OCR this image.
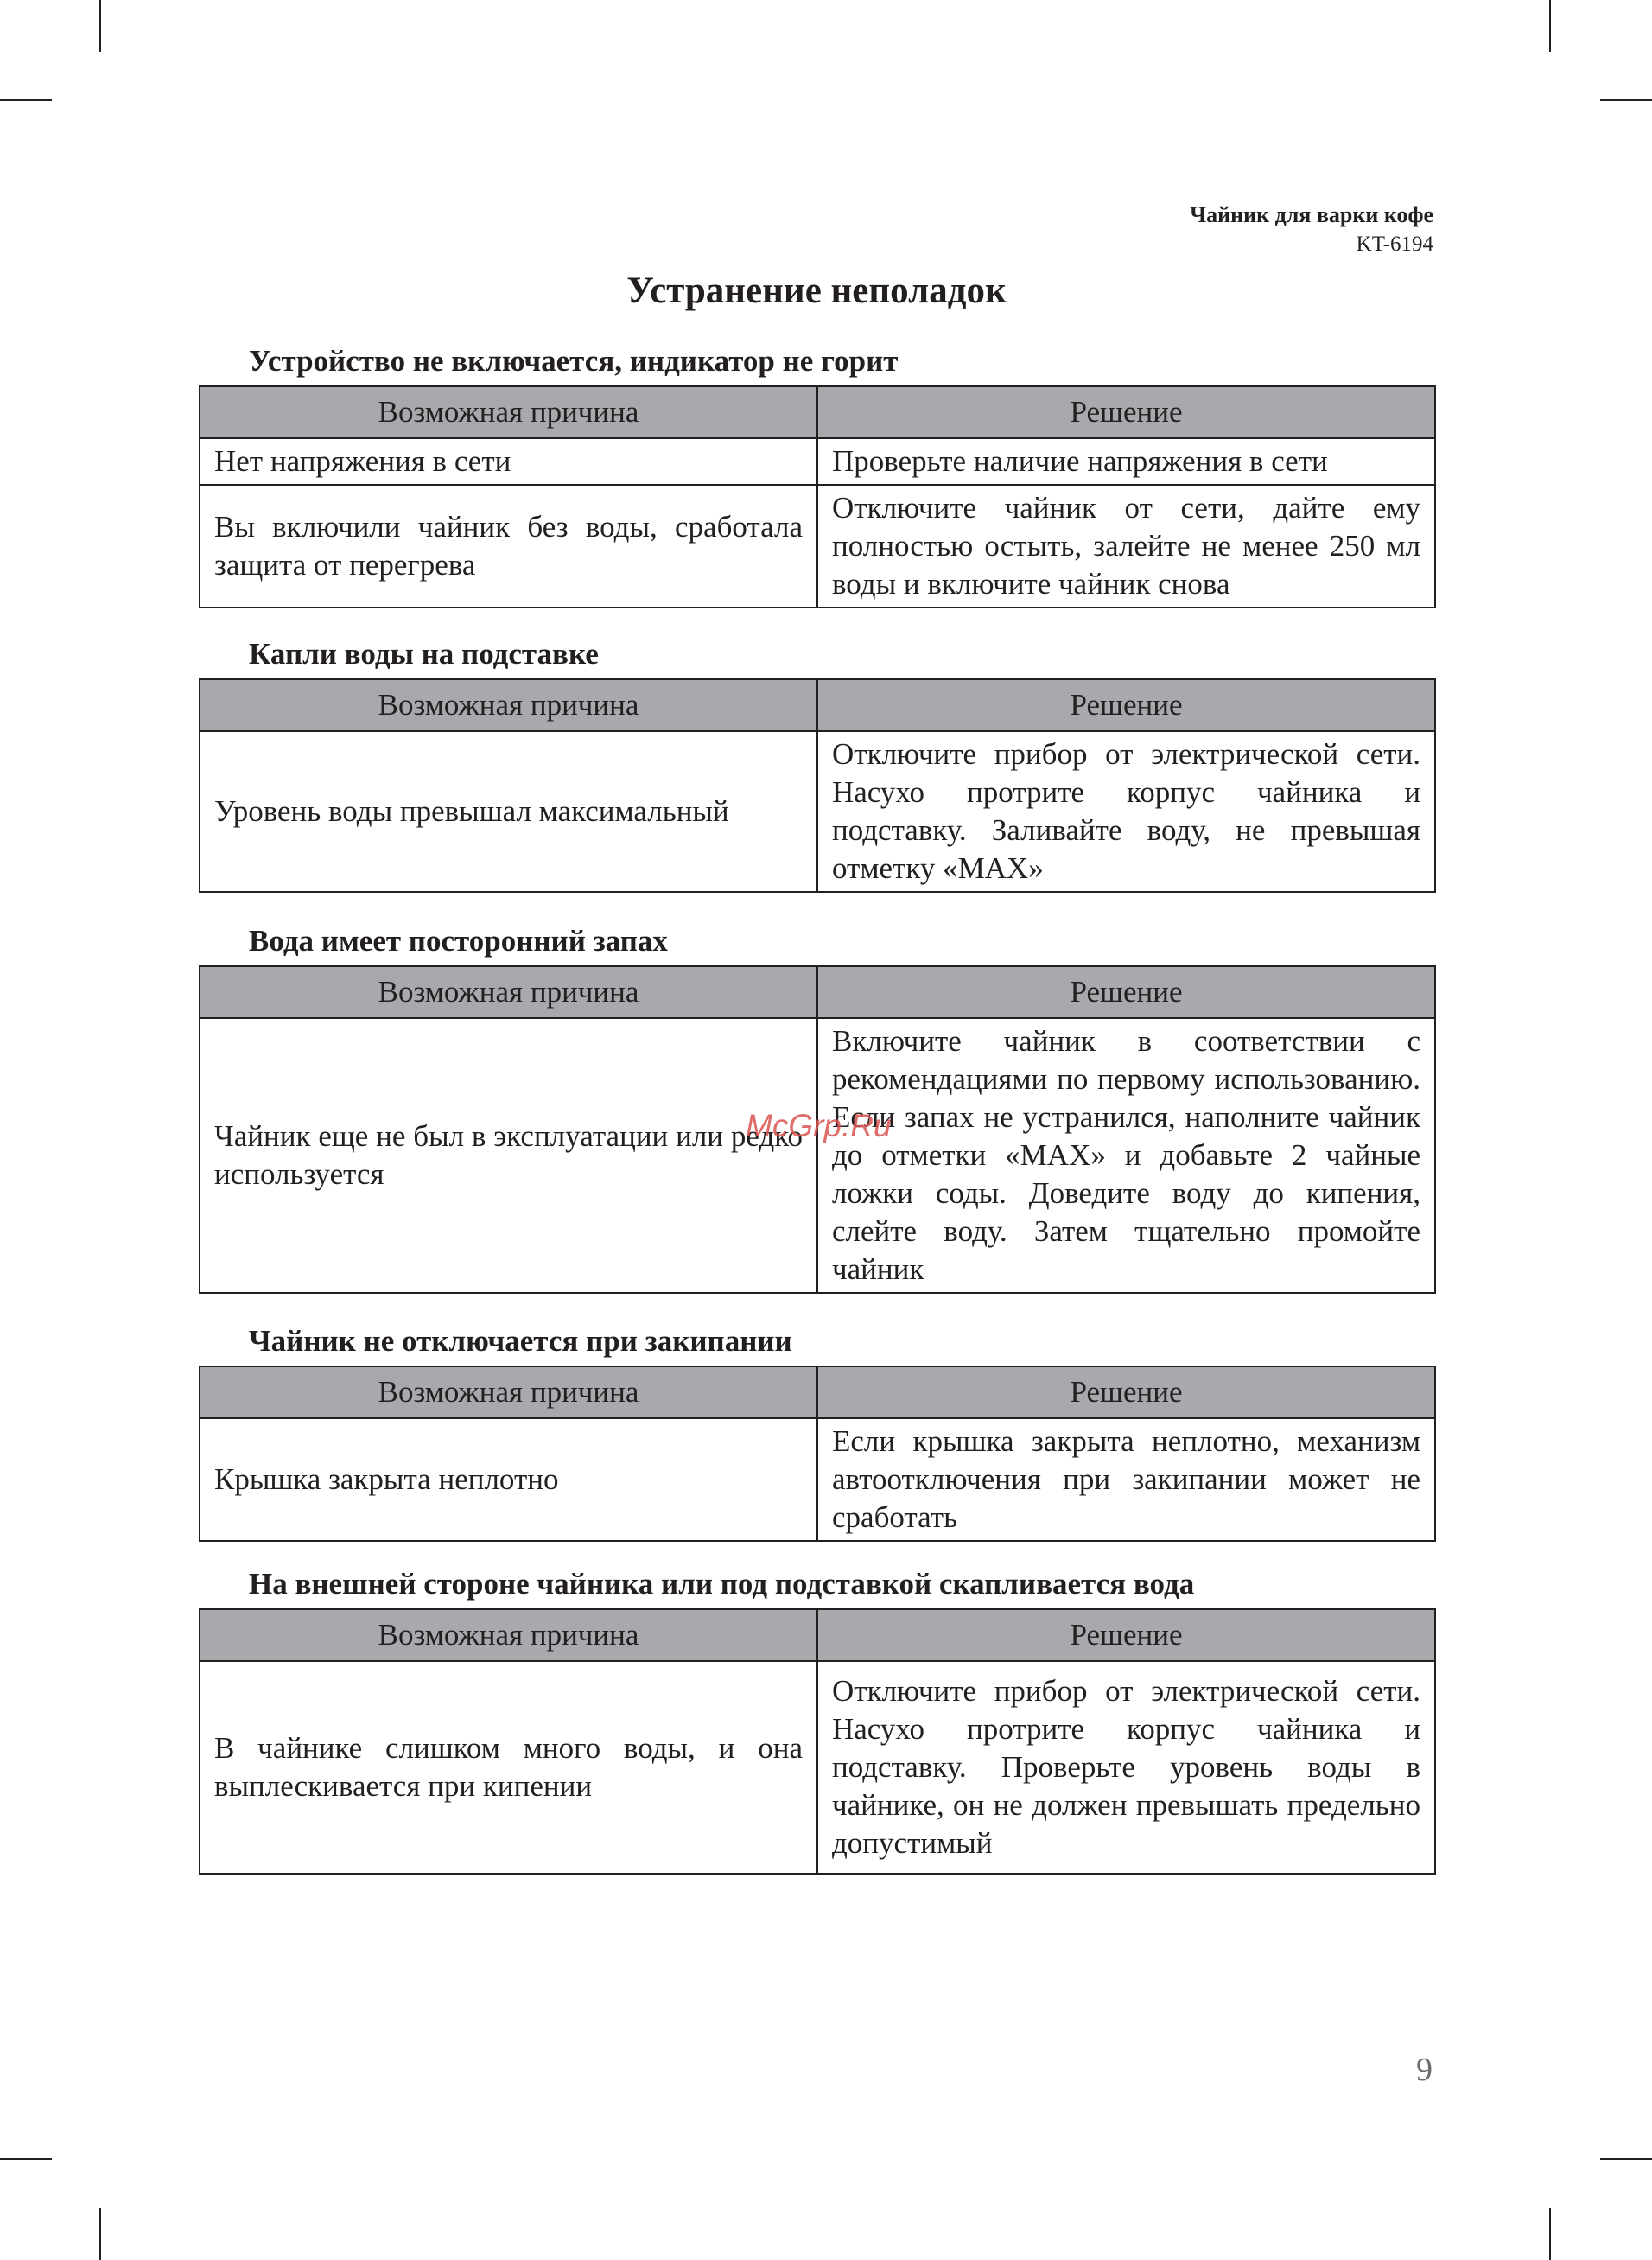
Чайник для варки кофе
KT-6194
Устранение неполадок
Устройство не включается, индикатор не горит
Возможная причина	Решение
Нет напряжения в сети	Проверьте наличие напряжения в сети
Вы включили чайник без воды, сработала защита от перегрева	Отключите чайник от сети, дайте ему полностью остыть, залейте не менее 250 мл воды и включите чайник снова
Капли воды на подставке
Возможная причина	Решение
Уровень воды превышал максимальный	Отключите прибор от электрической сети. Насухо протрите корпус чайника и подставку. Заливайте воду, не превышая отметку «MAX»
Вода имеет посторонний запах
Возможная причина	Решение
Чайник еще не был в эксплуатации или редко используется	Включите чайник в соответствии с рекомендациями по первому использованию. Если запах не устранился, наполните чайник до отметки «MAX» и добавьте 2 чайные ложки соды. Доведите воду до кипения, слейте воду. Затем тщательно промойте чайник
Чайник не отключается при закипании
Возможная причина	Решение
Крышка закрыта неплотно	Если крышка закрыта неплотно, механизм автоотключения при закипании может не сработать
На внешней стороне чайника или под подставкой скапливается вода
Возможная причина	Решение
В чайнике слишком много воды, и она выплескивается при кипении	Отключите прибор от электрической сети. Насухо протрите корпус чайника и подставку. Проверьте уровень воды в чайнике, он не должен превышать предельно допустимый
McGrp.Ru
9
